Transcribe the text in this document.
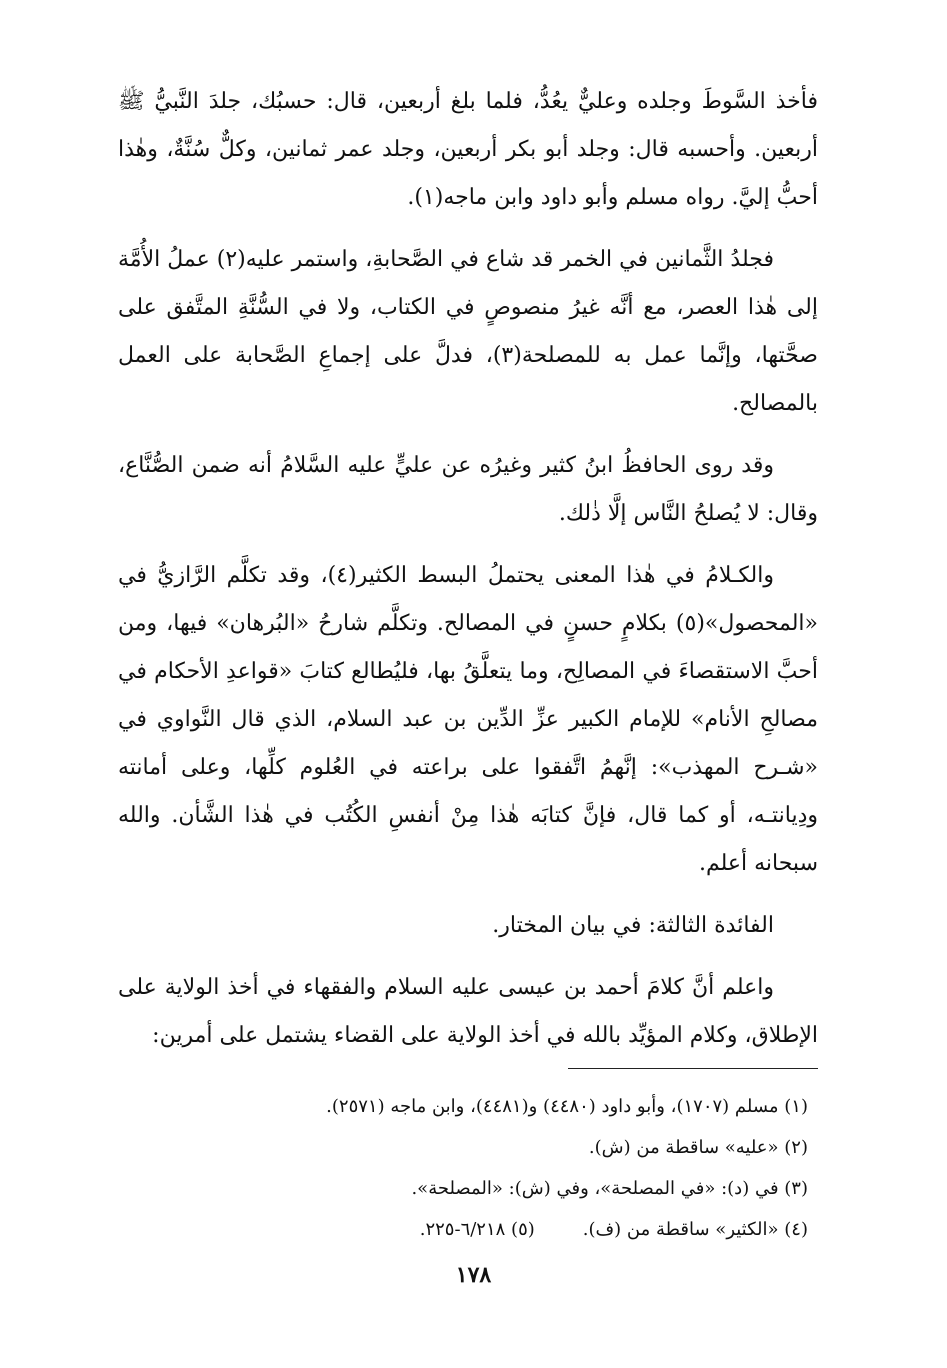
فأخذ السَّوطَ وجلده وعليٌّ يعُدُّ، فلما بلغ أربعين، قال: حسبُك، جلدَ النَّبيُّ ﷺ أربعين. وأحسبه قال: وجلد أبو بكر أربعين، وجلد عمر ثمانين، وكلٌّ سُنَّةٌ، وهٰذا أحبُّ إليَّ. رواه مسلم وأبو داود وابن ماجه(١).

فجلدُ الثَّمانين في الخمر قد شاع في الصَّحابةِ، واستمر عليه(٢) عملُ الأُمَّة إلى هٰذا العصر، مع أنَّه غيرُ منصوصٍ في الكتاب، ولا في السُّنَّةِ المتَّفق على صحَّتها، وإنَّما عمل به للمصلحة(٣)، فدلَّ على إجماعِ الصَّحابة على العمل بالمصالح.

وقد روى الحافظُ ابنُ كثير وغيرُه عن عليٍّ عليه السَّلامُ أنه ضمن الصُّنَّاع، وقال: لا يُصلحُ النَّاس إلَّا ذٰلك.

والكـلامُ في هٰذا المعنى يحتملُ البسط الكثير(٤)، وقد تكلَّم الرَّازيُّ في «المحصول»(٥) بكلامٍ حسنٍ في المصالح. وتكلَّم شارحُ «البُرهان» فيها، ومن أحبَّ الاستقصاءَ في المصالِح، وما يتعلَّقُ بها، فليُطالع كتابَ «قواعدِ الأحكام في مصالحِ الأنام» للإمام الكبير عزِّ الدِّين بن عبد السلام، الذي قال النَّواوي في «شـرح المهذب»: إنَّهمُ اتَّفقوا على براعته في العُلوم كلِّها، وعلى أمانته ودِيانتـه، أو كما قال، فإنَّ كتابَه هٰذا مِنْ أنفسِ الكُتُب في هٰذا الشَّأن. والله سبحانه أعلم.

الفائدة الثالثة: في بيان المختار.

واعلم أنَّ كلامَ أحمد بن عيسى عليه السلام والفقهاء في أخذ الولاية على الإطلاق، وكلام المؤيِّد بالله في أخذ الولاية على القضاء يشتمل على أمرين:

(١) مسلم (١٧٠٧)، وأبو داود (٤٤٨٠) و(٤٤٨١)، وابن ماجه (٢٥٧١).
(٢) «عليه» ساقطة من (ش).
(٣) في (د): «في المصلحة»، وفي (ش): «المصلحة».
(٤) «الكثير» ساقطة من (ف).(٥) ٦/٢١٨-٢٢٥.
١٧٨
